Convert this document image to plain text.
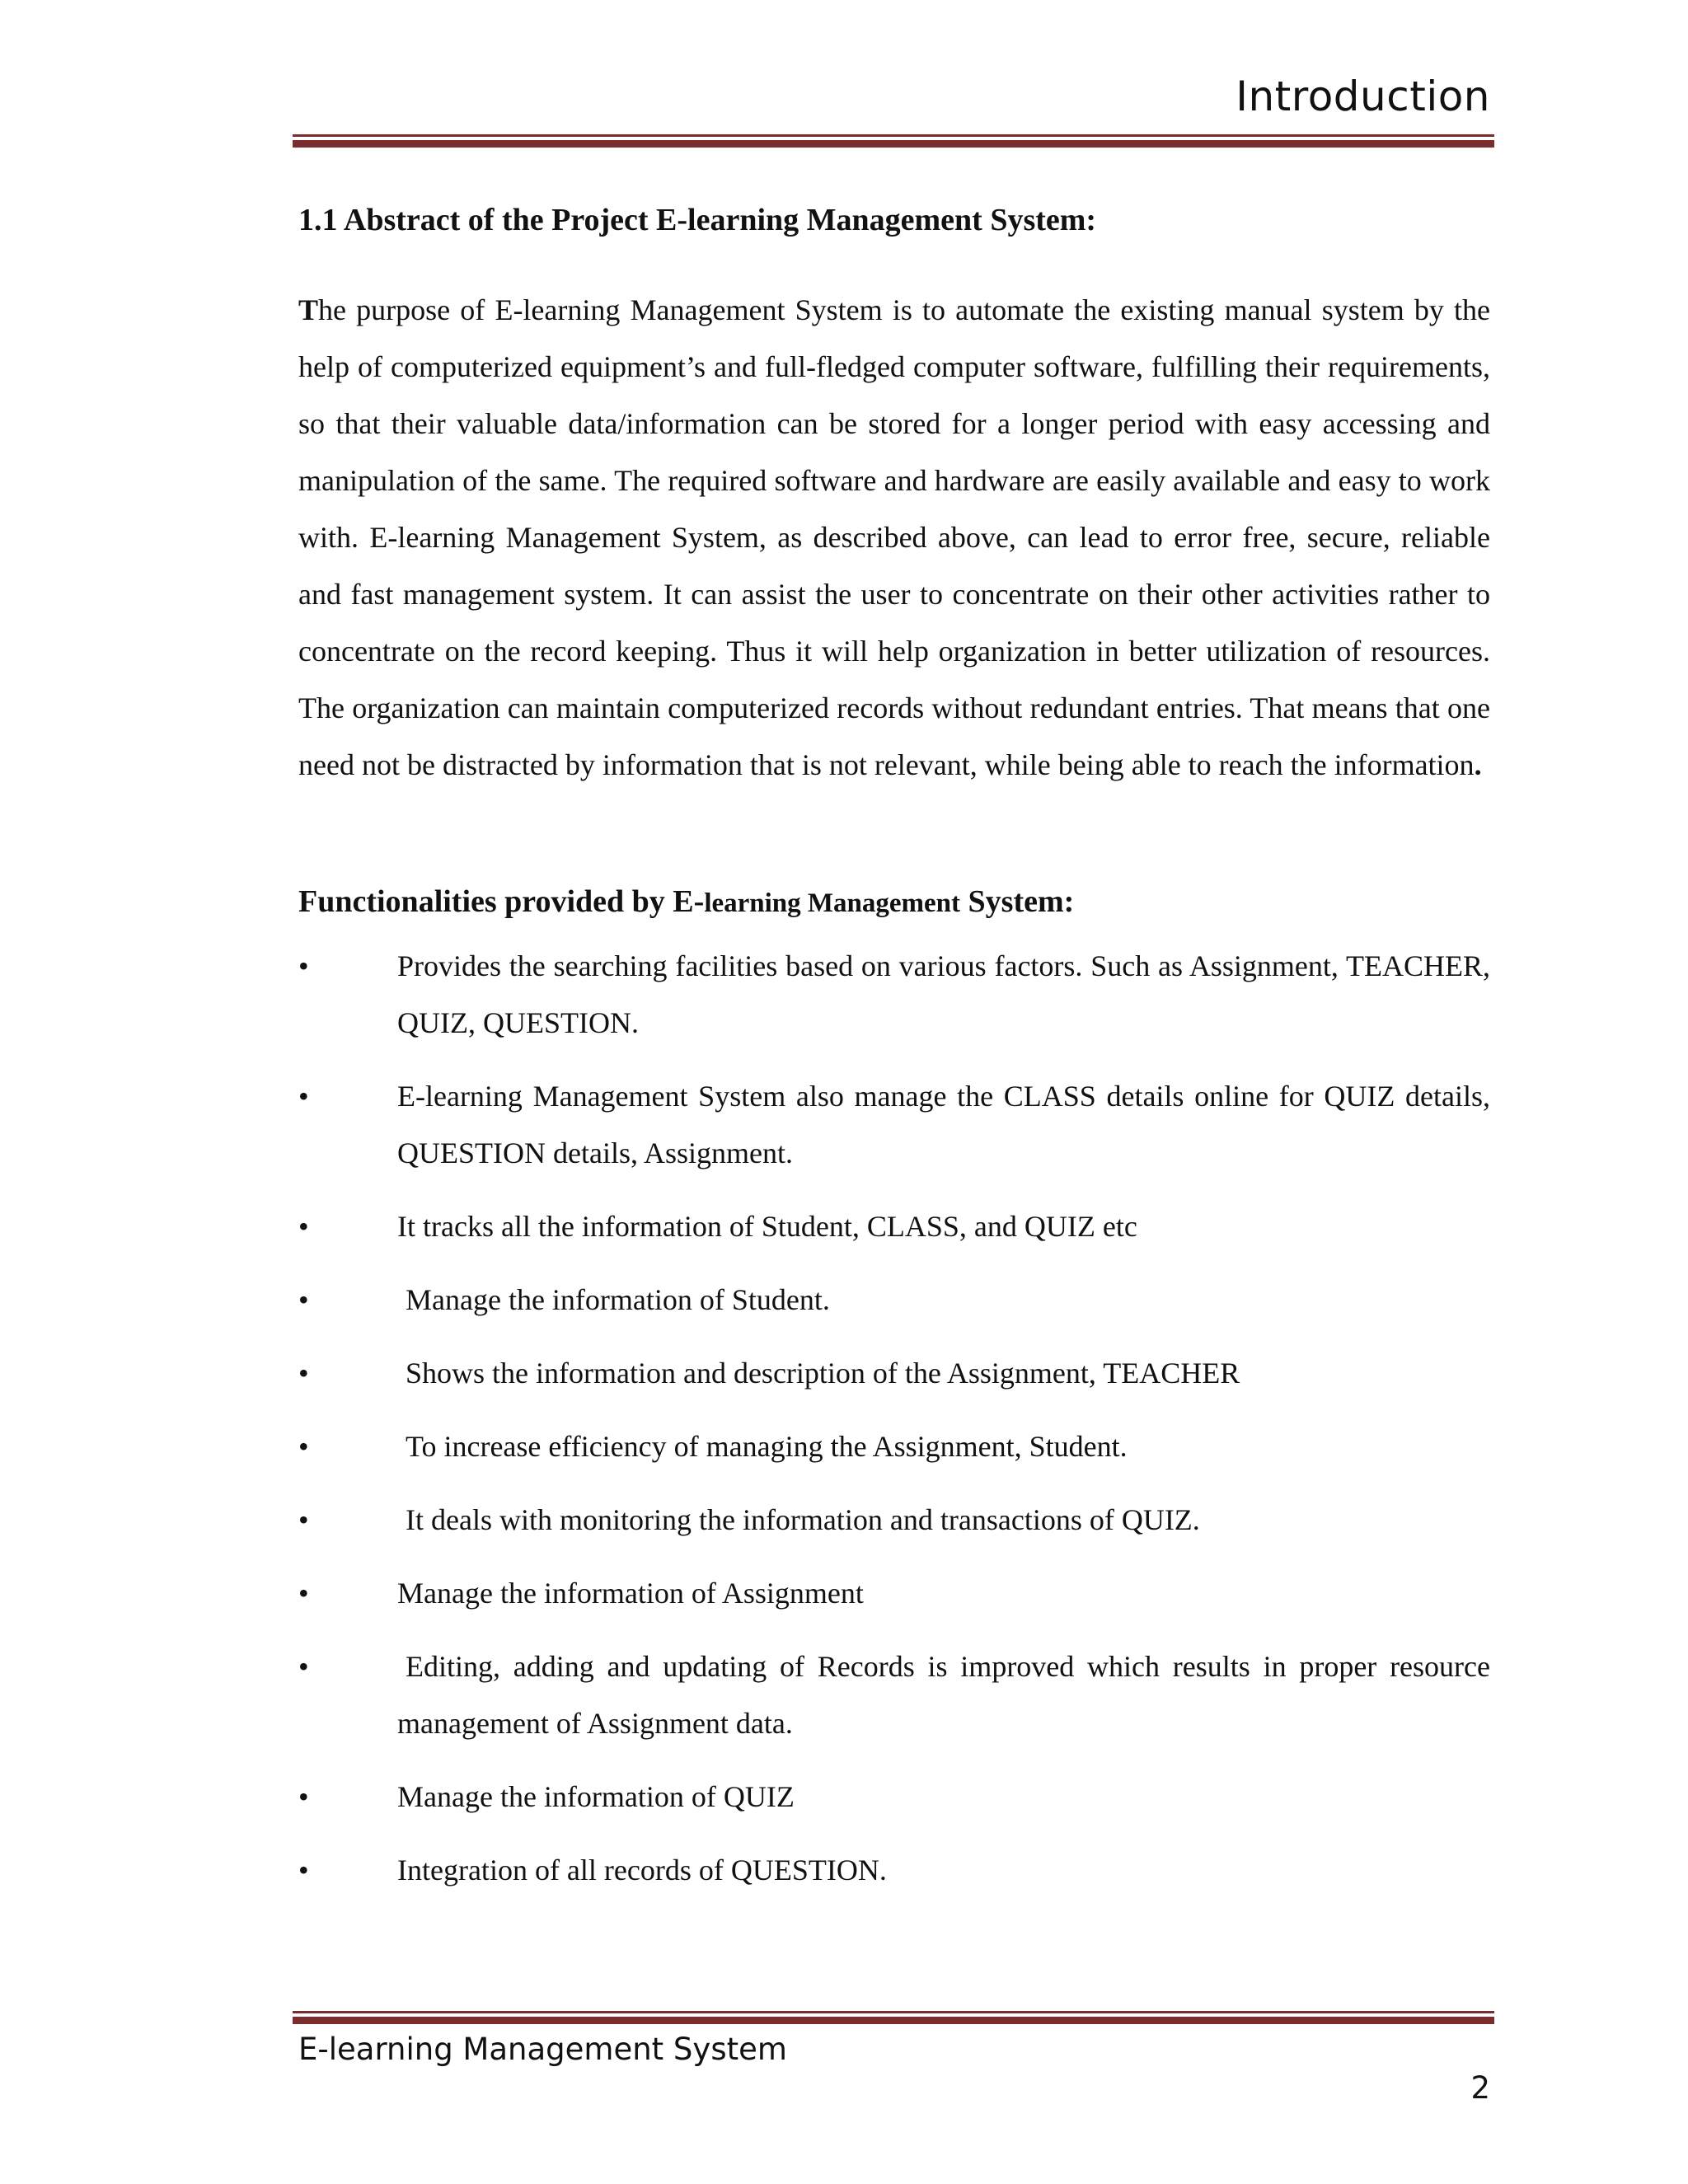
Introduction
1.1 Abstract of the Project E-learning Management System:

The purpose of E-learning Management System is to automate the existing manual system by the help of computerized equipment’s and full-fledged computer software, fulfilling their requirements, so that their valuable data/information can be stored for a longer period with easy accessing and manipulation of the same. The required software and hardware are easily available and easy to work with. E-learning Management System, as described above, can lead to error free, secure, reliable and fast management system. It can assist the user to concentrate on their other activities rather to concentrate on the record keeping. Thus it will help organization in better utilization of resources. The organization can maintain computerized records without redundant entries. That means that one need not be distracted by information that is not relevant, while being able to reach the information.

Functionalities provided by E-learning Management System:
•	Provides the searching facilities based on various factors. Such as Assignment, TEACHER, QUIZ, QUESTION.
•	E-learning Management System also manage the CLASS details online for QUIZ details, QUESTION details, Assignment.
•	It tracks all the information of Student, CLASS, and QUIZ etc
•	Manage the information of Student.
•	Shows the information and description of the Assignment, TEACHER
•	To increase efficiency of managing the Assignment, Student.
•	It deals with monitoring the information and transactions of QUIZ.
•	Manage the information of Assignment
•	Editing, adding and updating of Records is improved which results in proper resource management of Assignment data.
•	Manage the information of QUIZ
•	Integration of all records of QUESTION.
E-learning Management System
2
